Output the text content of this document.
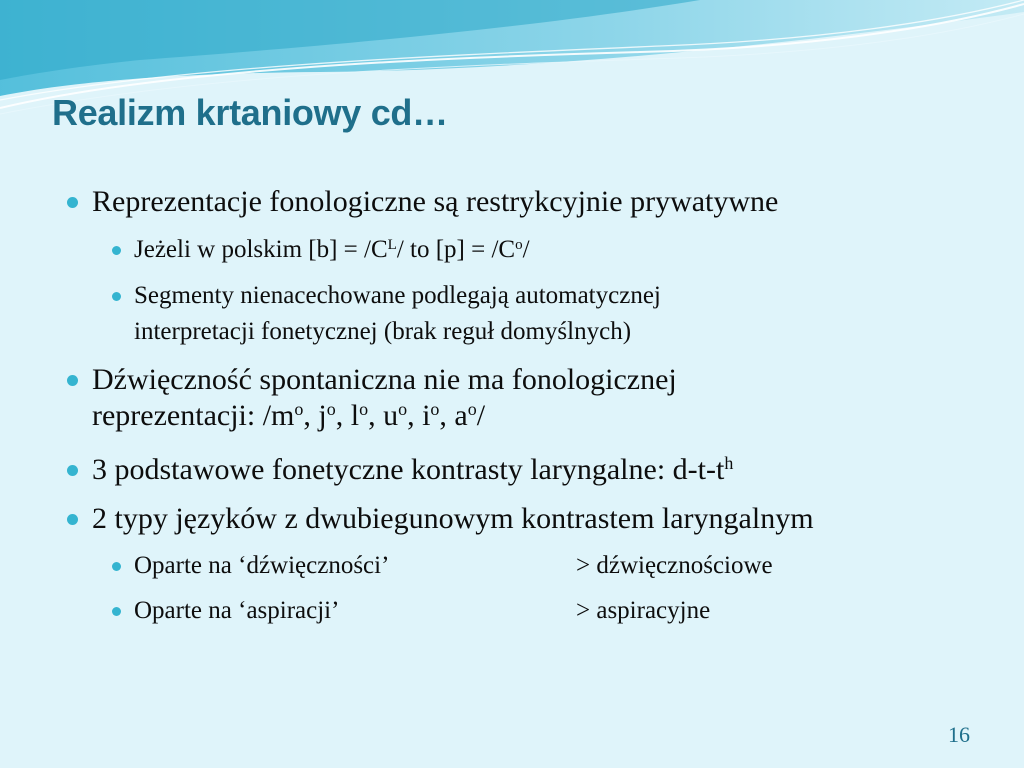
Realizm krtaniowy cd…

Reprezentacje fonologiczne są restrykcyjnie prywatywne

Jeżeli w polskim $[b] = /C^L/$ to $[p] = /C^o/$

Segmenty nienacechowane podlegają automatycznej
interpretacji fonetycznej (brak reguł domyślnych)

Dźwięczność spontaniczna nie ma fonologicznej
reprezentacji: $/m^o$, $j^o$, $l^o$, $u^o$, $i^o$, $a^o/$

3 podstawowe fonetyczne kontrasty laryngalne: $d-t-t^h$

2 typy języków z dwubiegunowym kontrastem laryngalnym

Oparte na ‘dźwięczności’	> dźwięcznościowe

Oparte na ‘aspiracji’	> aspiracyjne

16
